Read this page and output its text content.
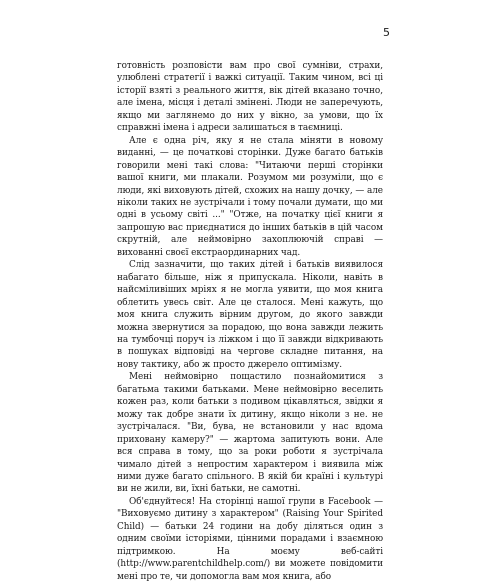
5

готовність розповісти вам про свої сумніви, страхи, улюблені стратегії і важкі ситуації. Таким чином, всі ці історії взяті з реального життя, вік дітей вказано точно, але імена, місця і деталі змінені. Люди не заперечують, якщо ми заглянемо до них у вікно, за умови, що їх справжні імена і адреси залишаться в таємниці.

Але є одна річ, яку я не стала міняти в новому виданні, — це початкові сторінки. Дуже багато батьків говорили мені такі слова: "Читаючи перші сторінки вашої книги, ми плакали. Розумом ми розуміли, що є люди, які виховують дітей, схожих на нашу дочку, — але ніколи таких не зустрічали і тому почали думати, що ми одні в усьому світі ..." "Отже, на початку цієї книги я запрошую вас приєднатися до інших батьків в цій часом скрутній, але неймовірно захоплюючій справі — вихованні своєї екстраординарних чад.

Слід зазначити, що таких дітей і батьків виявилося набагато більше, ніж я припускала. Ніколи, навіть в найсміливіших мріях я не могла уявити, що моя книга облетить увесь світ. Але це сталося. Мені кажуть, що моя книга служить вірним другом, до якого завжди можна звернутися за порадою, що вона завжди лежить на тумбочці поруч із ліжком і що її завжди відкривають в пошуках відповіді на чергове складне питання, на нову тактику, або ж просто джерело оптимізму.

Мені неймовірно пощастило познайомитися з багатьма такими батьками. Мене неймовірно веселить кожен раз, коли батьки з подивом цікавляться, звідки я можу так добре знати їх дитину, якщо ніколи з не. не зустрічалася. "Ви, бува, не встановили у нас вдома приховану камеру?" — жартома запитують вони. Але вся справа в тому, що за роки роботи я зустрічала чимало дітей з непростим характером і виявила між ними дуже багато спільного. В якій би країні і культурі ви не жили, ви, їхні батьки, не самотні.

Об'єднуйтеся! На сторінці нашої групи в Facebook — "Виховуємо дитину з характером" (Raising Your Spirited Child) — батьки 24 години на добу діляться один з одним своїми історіями, цінними порадами і взаємною підтримкою. На моєму веб-сайті (http://www.parentchildhelp.com/) ви можете повідомити мені про те, чи допомогла вам моя книга, або
